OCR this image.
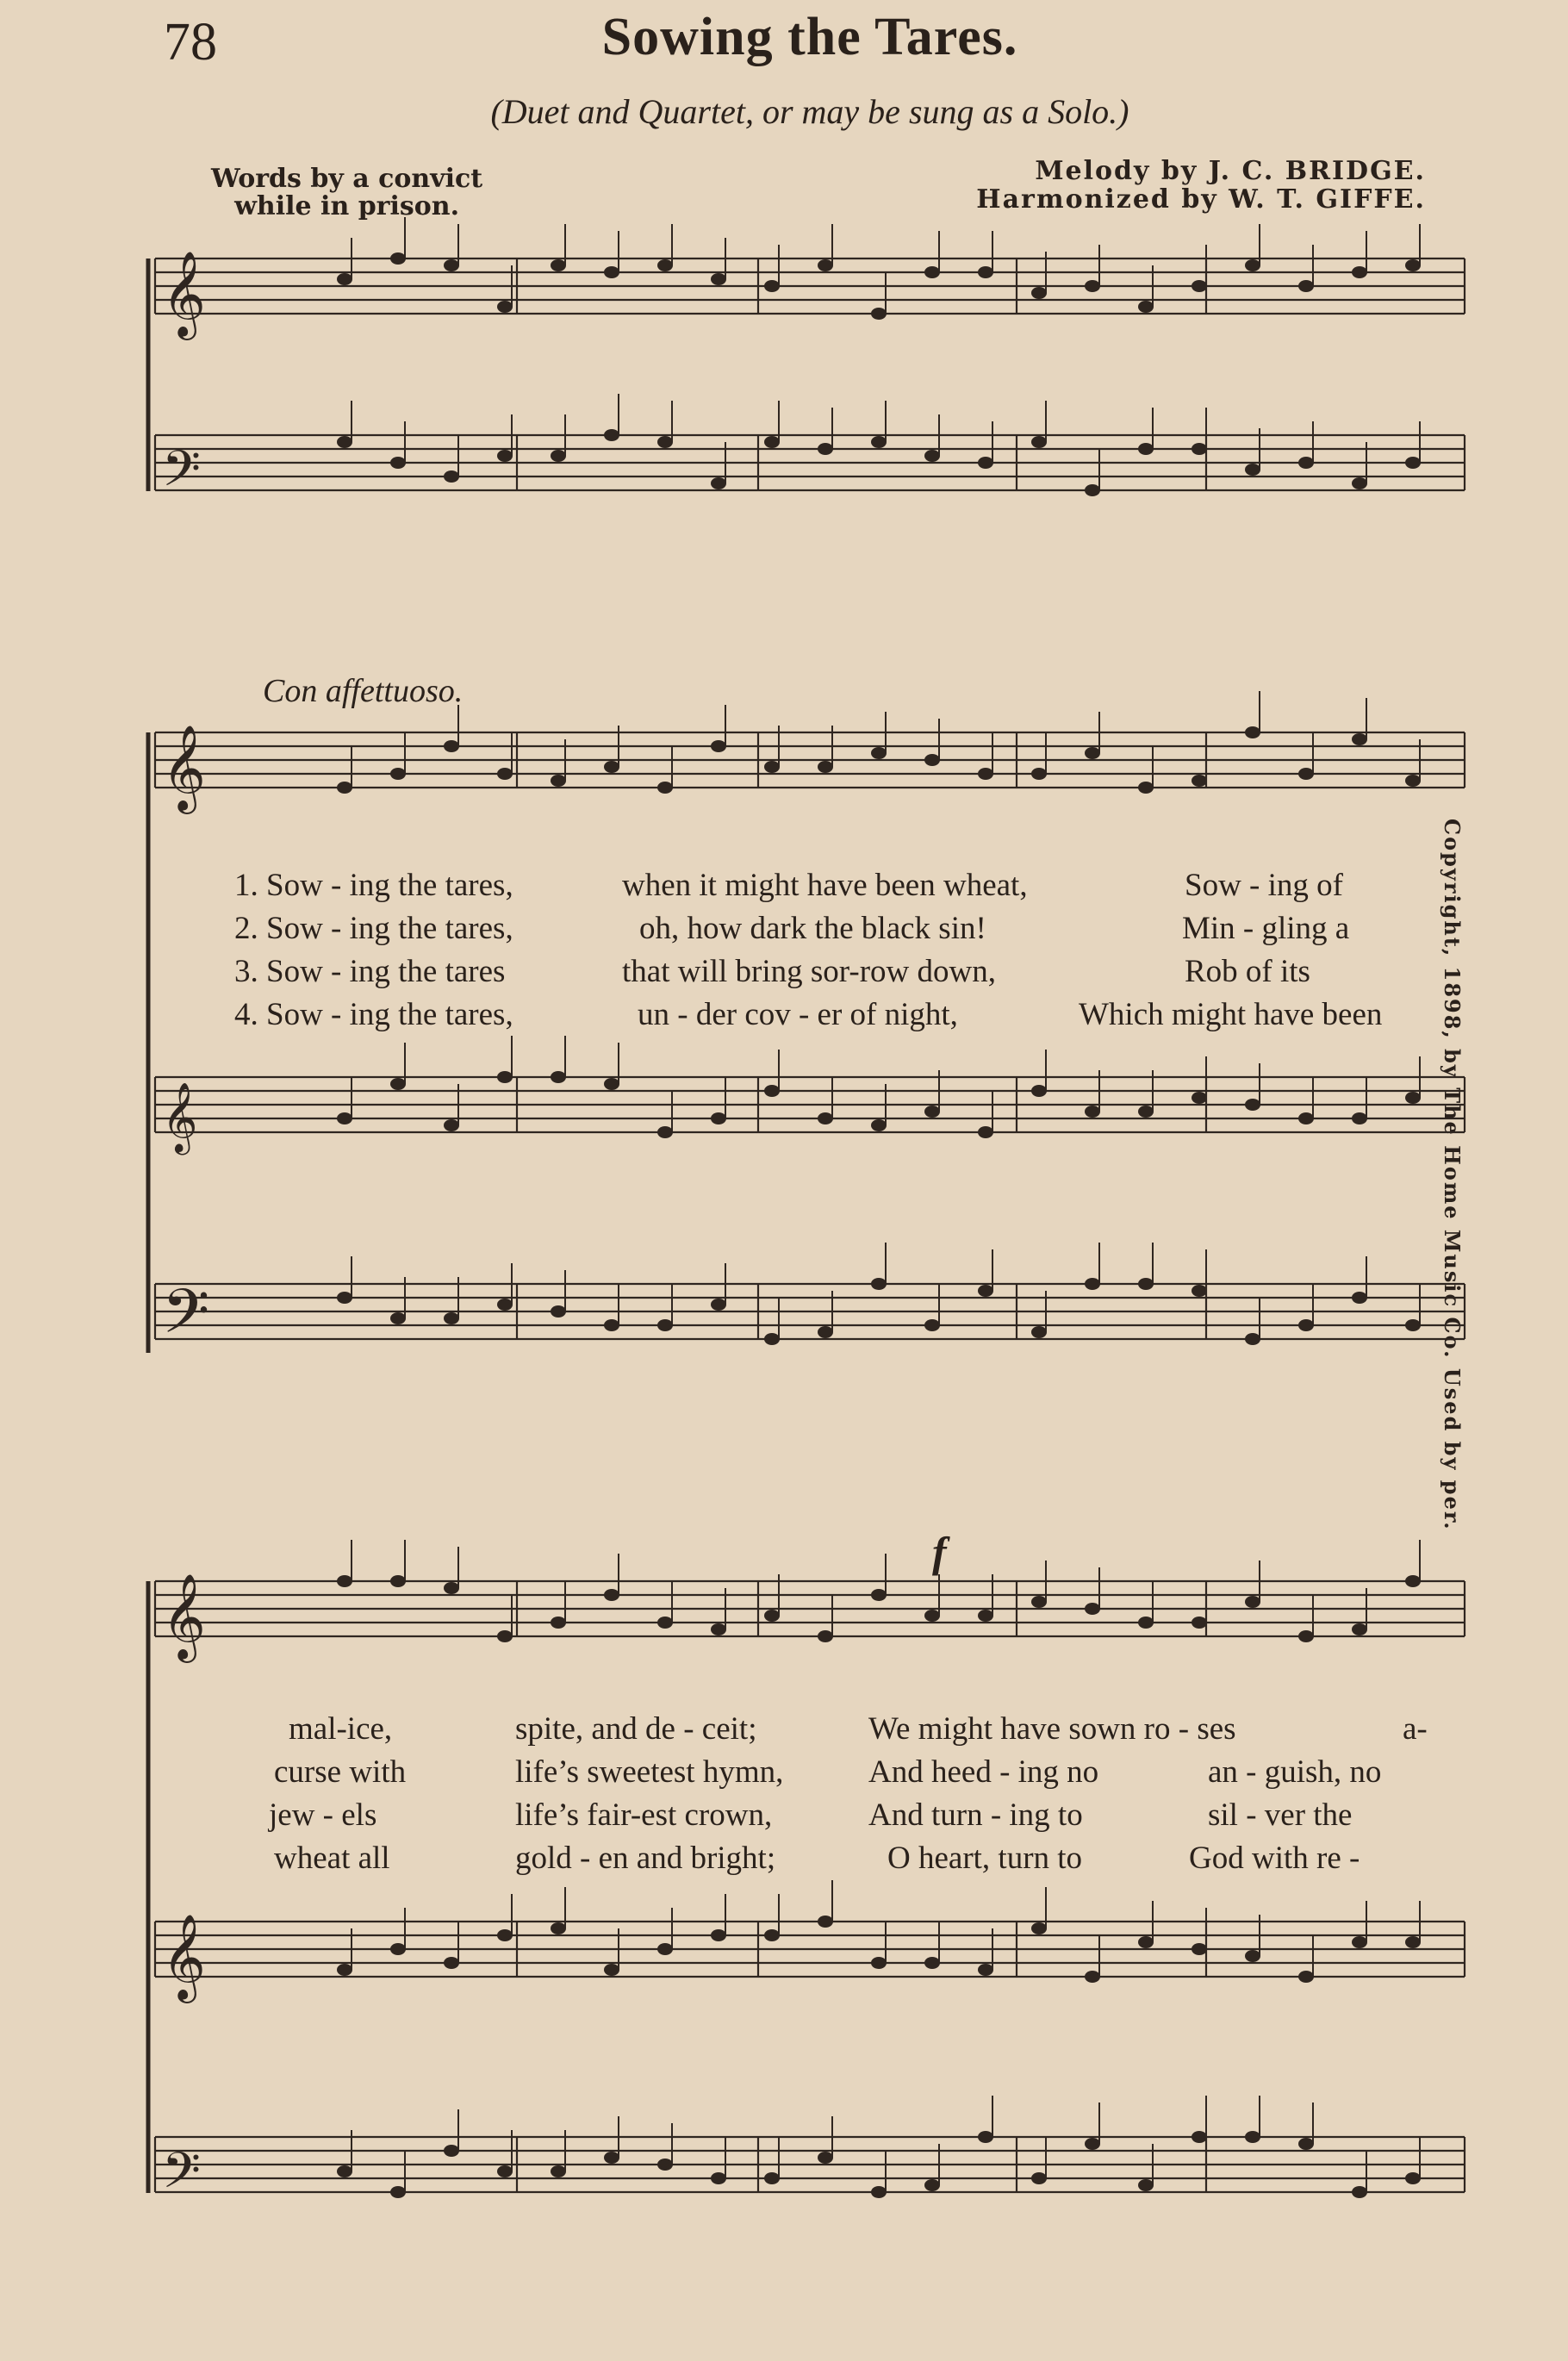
78	Sowing the Tares.
(Duet and Quartet, or may be sung as a Solo.)
Words by a convict
while in prison.
Melody by J. C. BRIDGE.
Harmonized by W. T. GIFFE.
Con affettuoso.
f
Copyright, 1898, by The Home Music Co. Used by per.
𝄞
𝄢
𝄞
𝄞
𝄢
𝄞
𝄞
𝄢
1. Sow - ing the tares,	when it might have been wheat,	Sow - ing of
2. Sow - ing the tares,	oh, how dark the black sin!	Min - gling a
3. Sow - ing the tares	that will bring sor-row down,	Rob of its
4. Sow - ing the tares,	un - der cov - er of night,	Which might have been
mal-ice,	spite, and de - ceit;	We might have sown ro - ses	a-
curse with	life’s sweetest hymn,	And heed - ing no	an - guish, no
jew - els	life’s fair-est crown,	And turn - ing to	sil - ver the
wheat all	gold - en and bright;	O heart, turn to	God with re -
